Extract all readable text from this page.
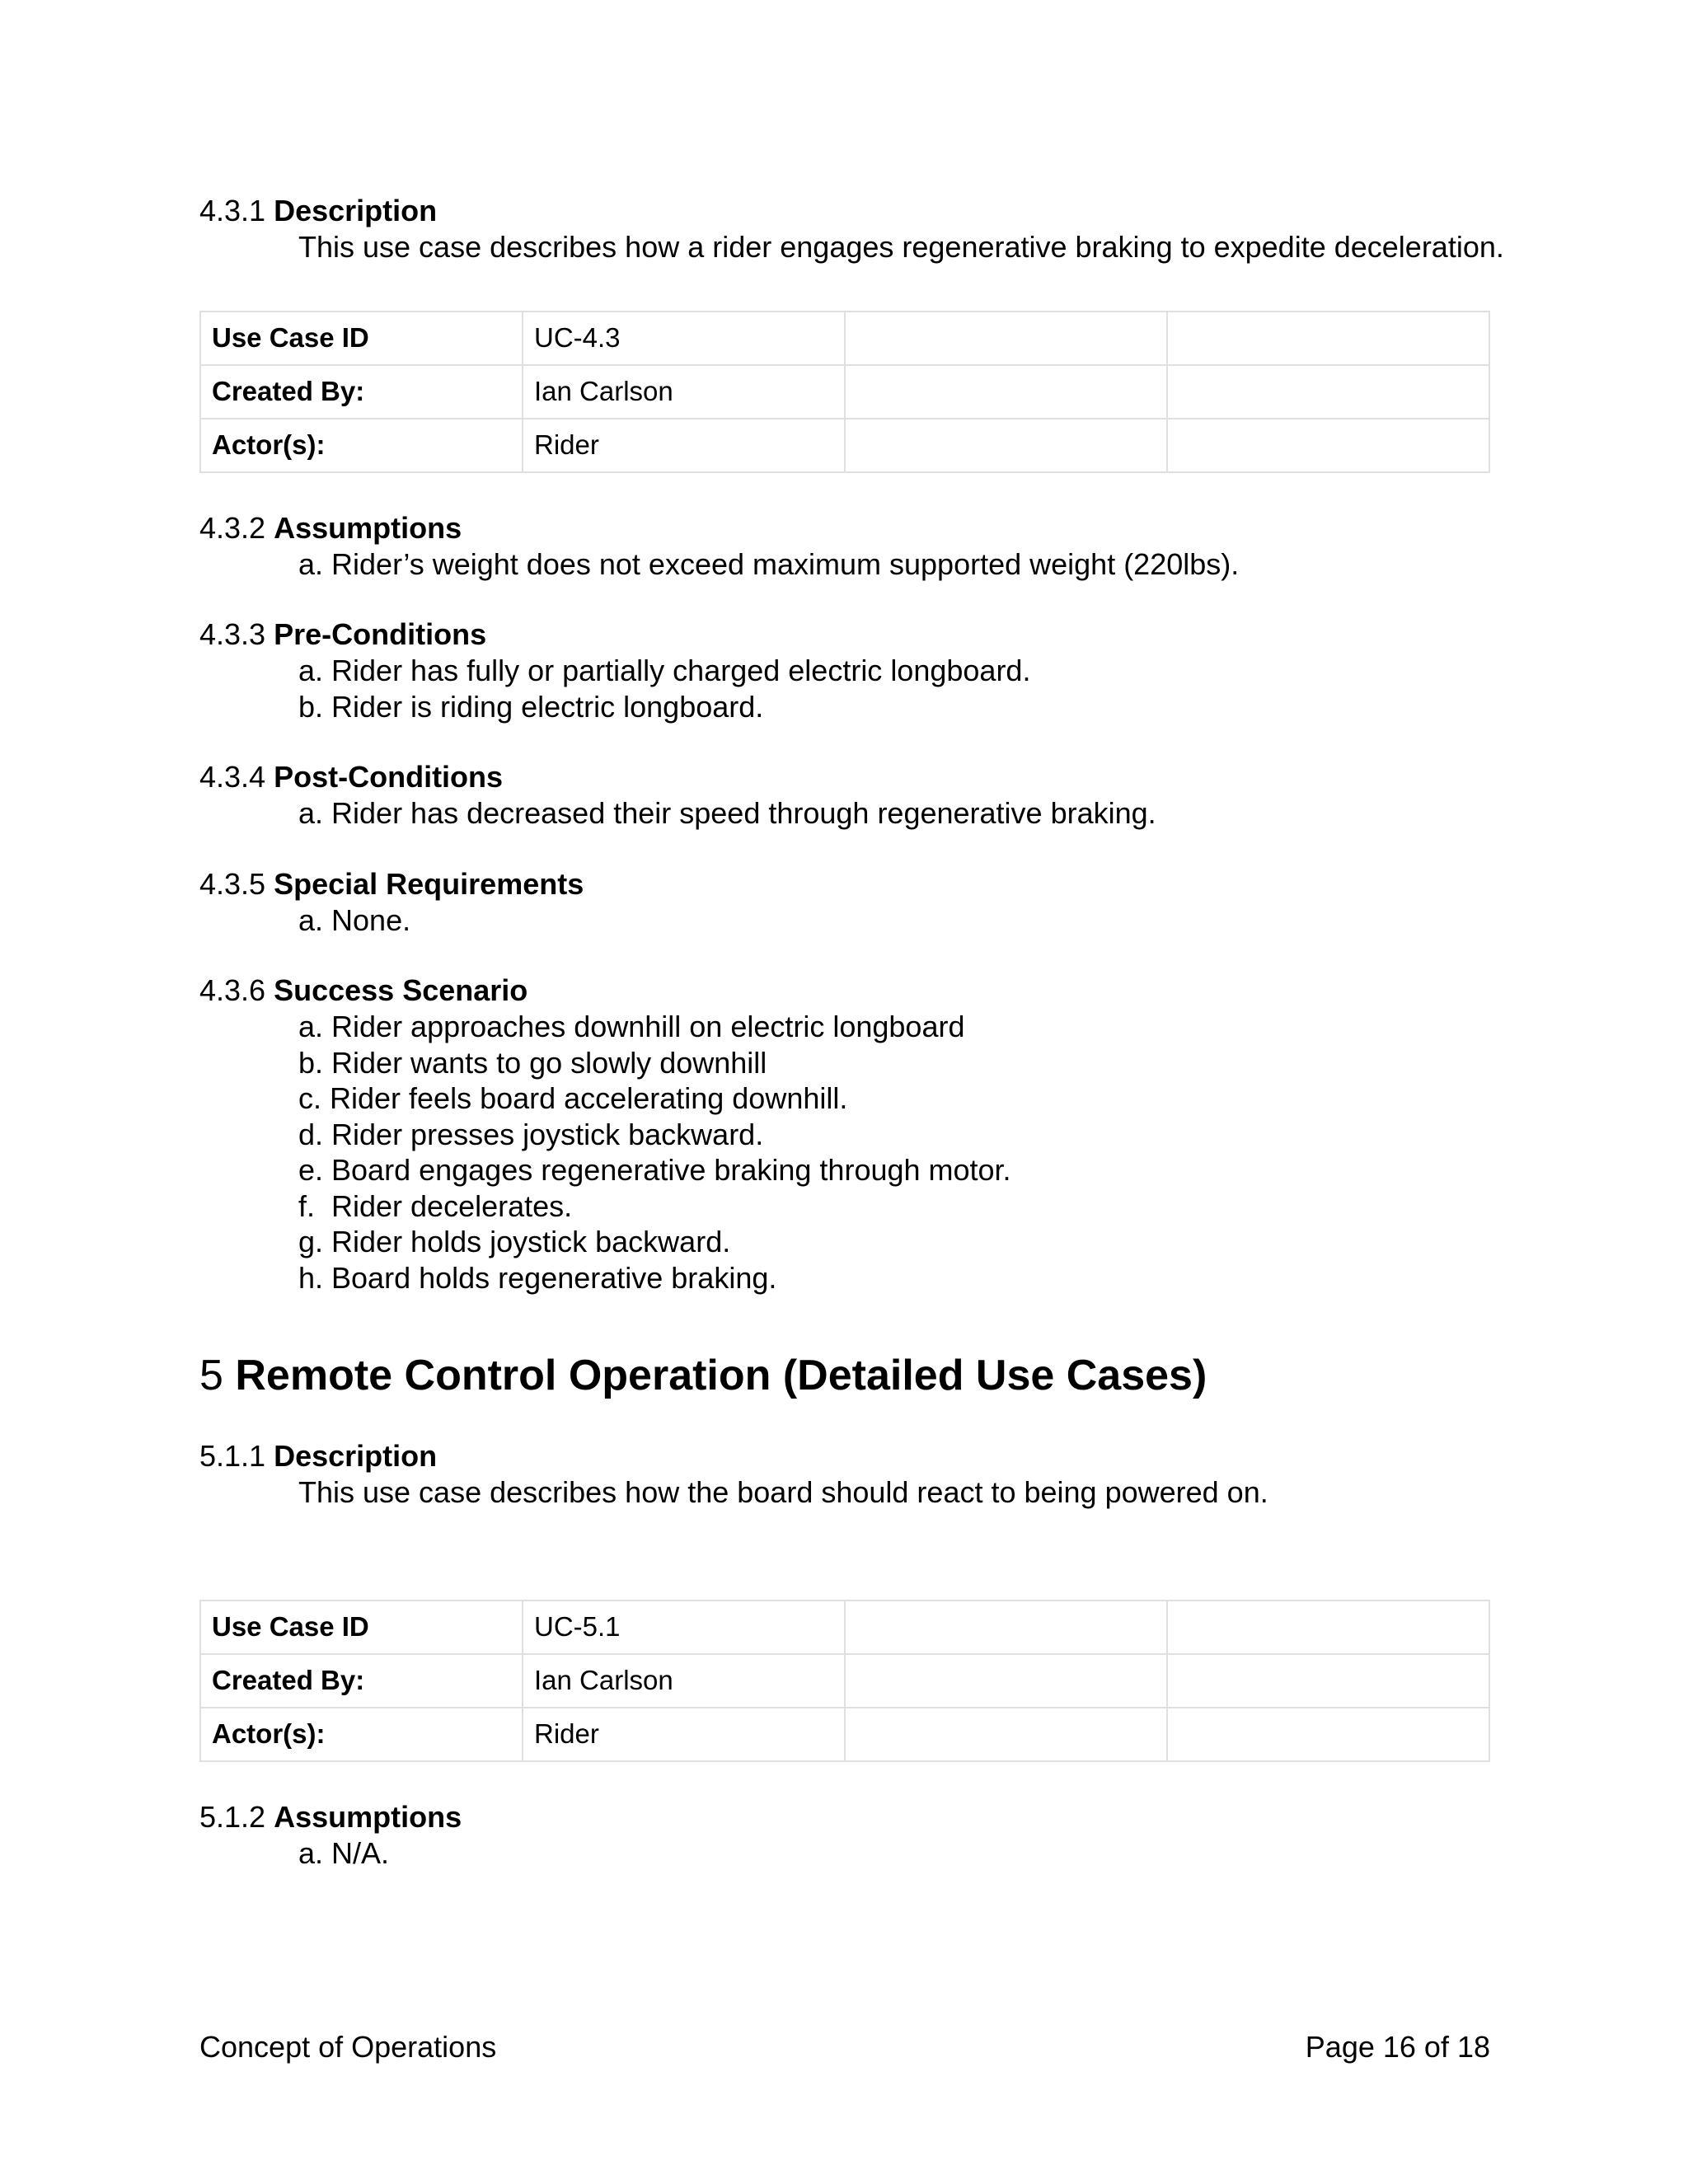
4.3.1 Description

This use case describes how a rider engages regenerative braking to expedite deceleration.
Use Case ID	UC-4.3		
Created By:	Ian Carlson		
Actor(s):	Rider		

4.3.2 Assumptions

a. Rider’s weight does not exceed maximum supported weight (220lbs).

4.3.3 Pre-Conditions

a. Rider has fully or partially charged electric longboard.
b. Rider is riding electric longboard.

4.3.4 Post-Conditions

a. Rider has decreased their speed through regenerative braking.

4.3.5 Special Requirements

a. None.

4.3.6 Success Scenario

a. Rider approaches downhill on electric longboard
b. Rider wants to go slowly downhill
c. Rider feels board accelerating downhill.
d. Rider presses joystick backward.
e. Board engages regenerative braking through motor.
f.  Rider decelerates.
g. Rider holds joystick backward.
h. Board holds regenerative braking.

5 Remote Control Operation (Detailed Use Cases)

5.1.1 Description

This use case describes how the board should react to being powered on.
Use Case ID	UC-5.1		
Created By:	Ian Carlson		
Actor(s):	Rider		

5.1.2 Assumptions

a. N/A.
Concept of Operations	Page 16 of 18
